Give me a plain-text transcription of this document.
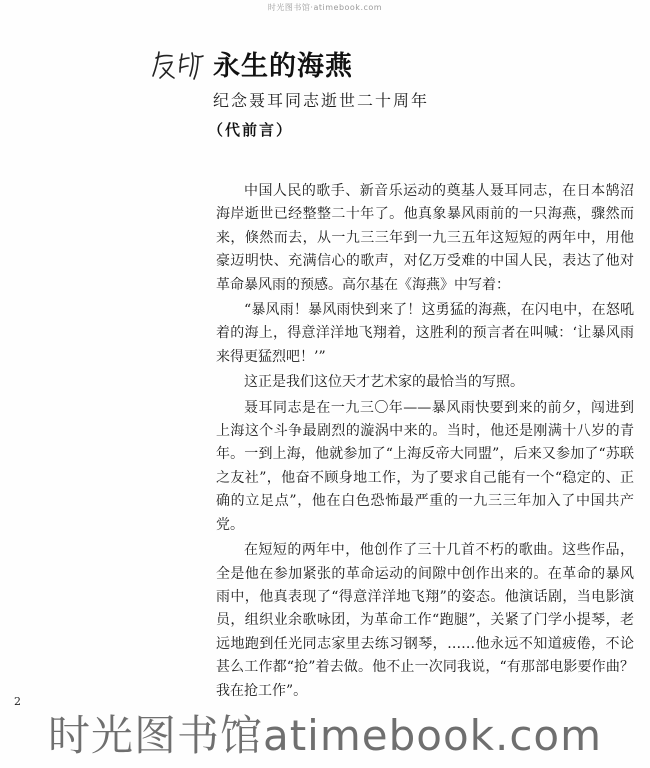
时光图书馆·atimebook.com
永生的海燕
纪念聂耳同志逝世二十周年
（代前言）

中国人民的歌手、新音乐运动的奠基人聂耳同志，在日本鹄沼海岸逝世已经整整二十年了。他真象暴风雨前的一只海燕，骤然而来，倏然而去，从一九三三年到一九三五年这短短的两年中，用他豪迈明快、充满信心的歌声，对亿万受难的中国人民，表达了他对革命暴风雨的预感。高尔基在《海燕》中写着：

“暴风雨！暴风雨快到来了！这勇猛的海燕，在闪电中，在怒吼着的海上，得意洋洋地飞翔着，这胜利的预言者在叫喊：‘让暴风雨来得更猛烈吧！’”

这正是我们这位天才艺术家的最恰当的写照。

聂耳同志是在一九三〇年——暴风雨快要到来的前夕，闯进到上海这个斗争最剧烈的漩涡中来的。当时，他还是刚满十八岁的青年。一到上海，他就参加了“上海反帝大同盟”，后来又参加了“苏联之友社”，他奋不顾身地工作，为了要求自己能有一个“稳定的、正确的立足点”，他在白色恐怖最严重的一九三三年加入了中国共产党。

在短短的两年中，他创作了三十几首不朽的歌曲。这些作品，全是他在参加紧张的革命运动的间隙中创作出来的。在革命的暴风雨中，他真表现了“得意洋洋地飞翔”的姿态。他演话剧，当电影演员，组织业余歌咏团，为革命工作“跑腿”，关紧了门学小提琴，老远地跑到任光同志家里去练习钢琴，……他永远不知道疲倦，不论甚么工作都“抢”着去做。他不止一次同我说，“有那部电影要作曲？我在抢工作”。

2
时光图书馆atimebook.com
